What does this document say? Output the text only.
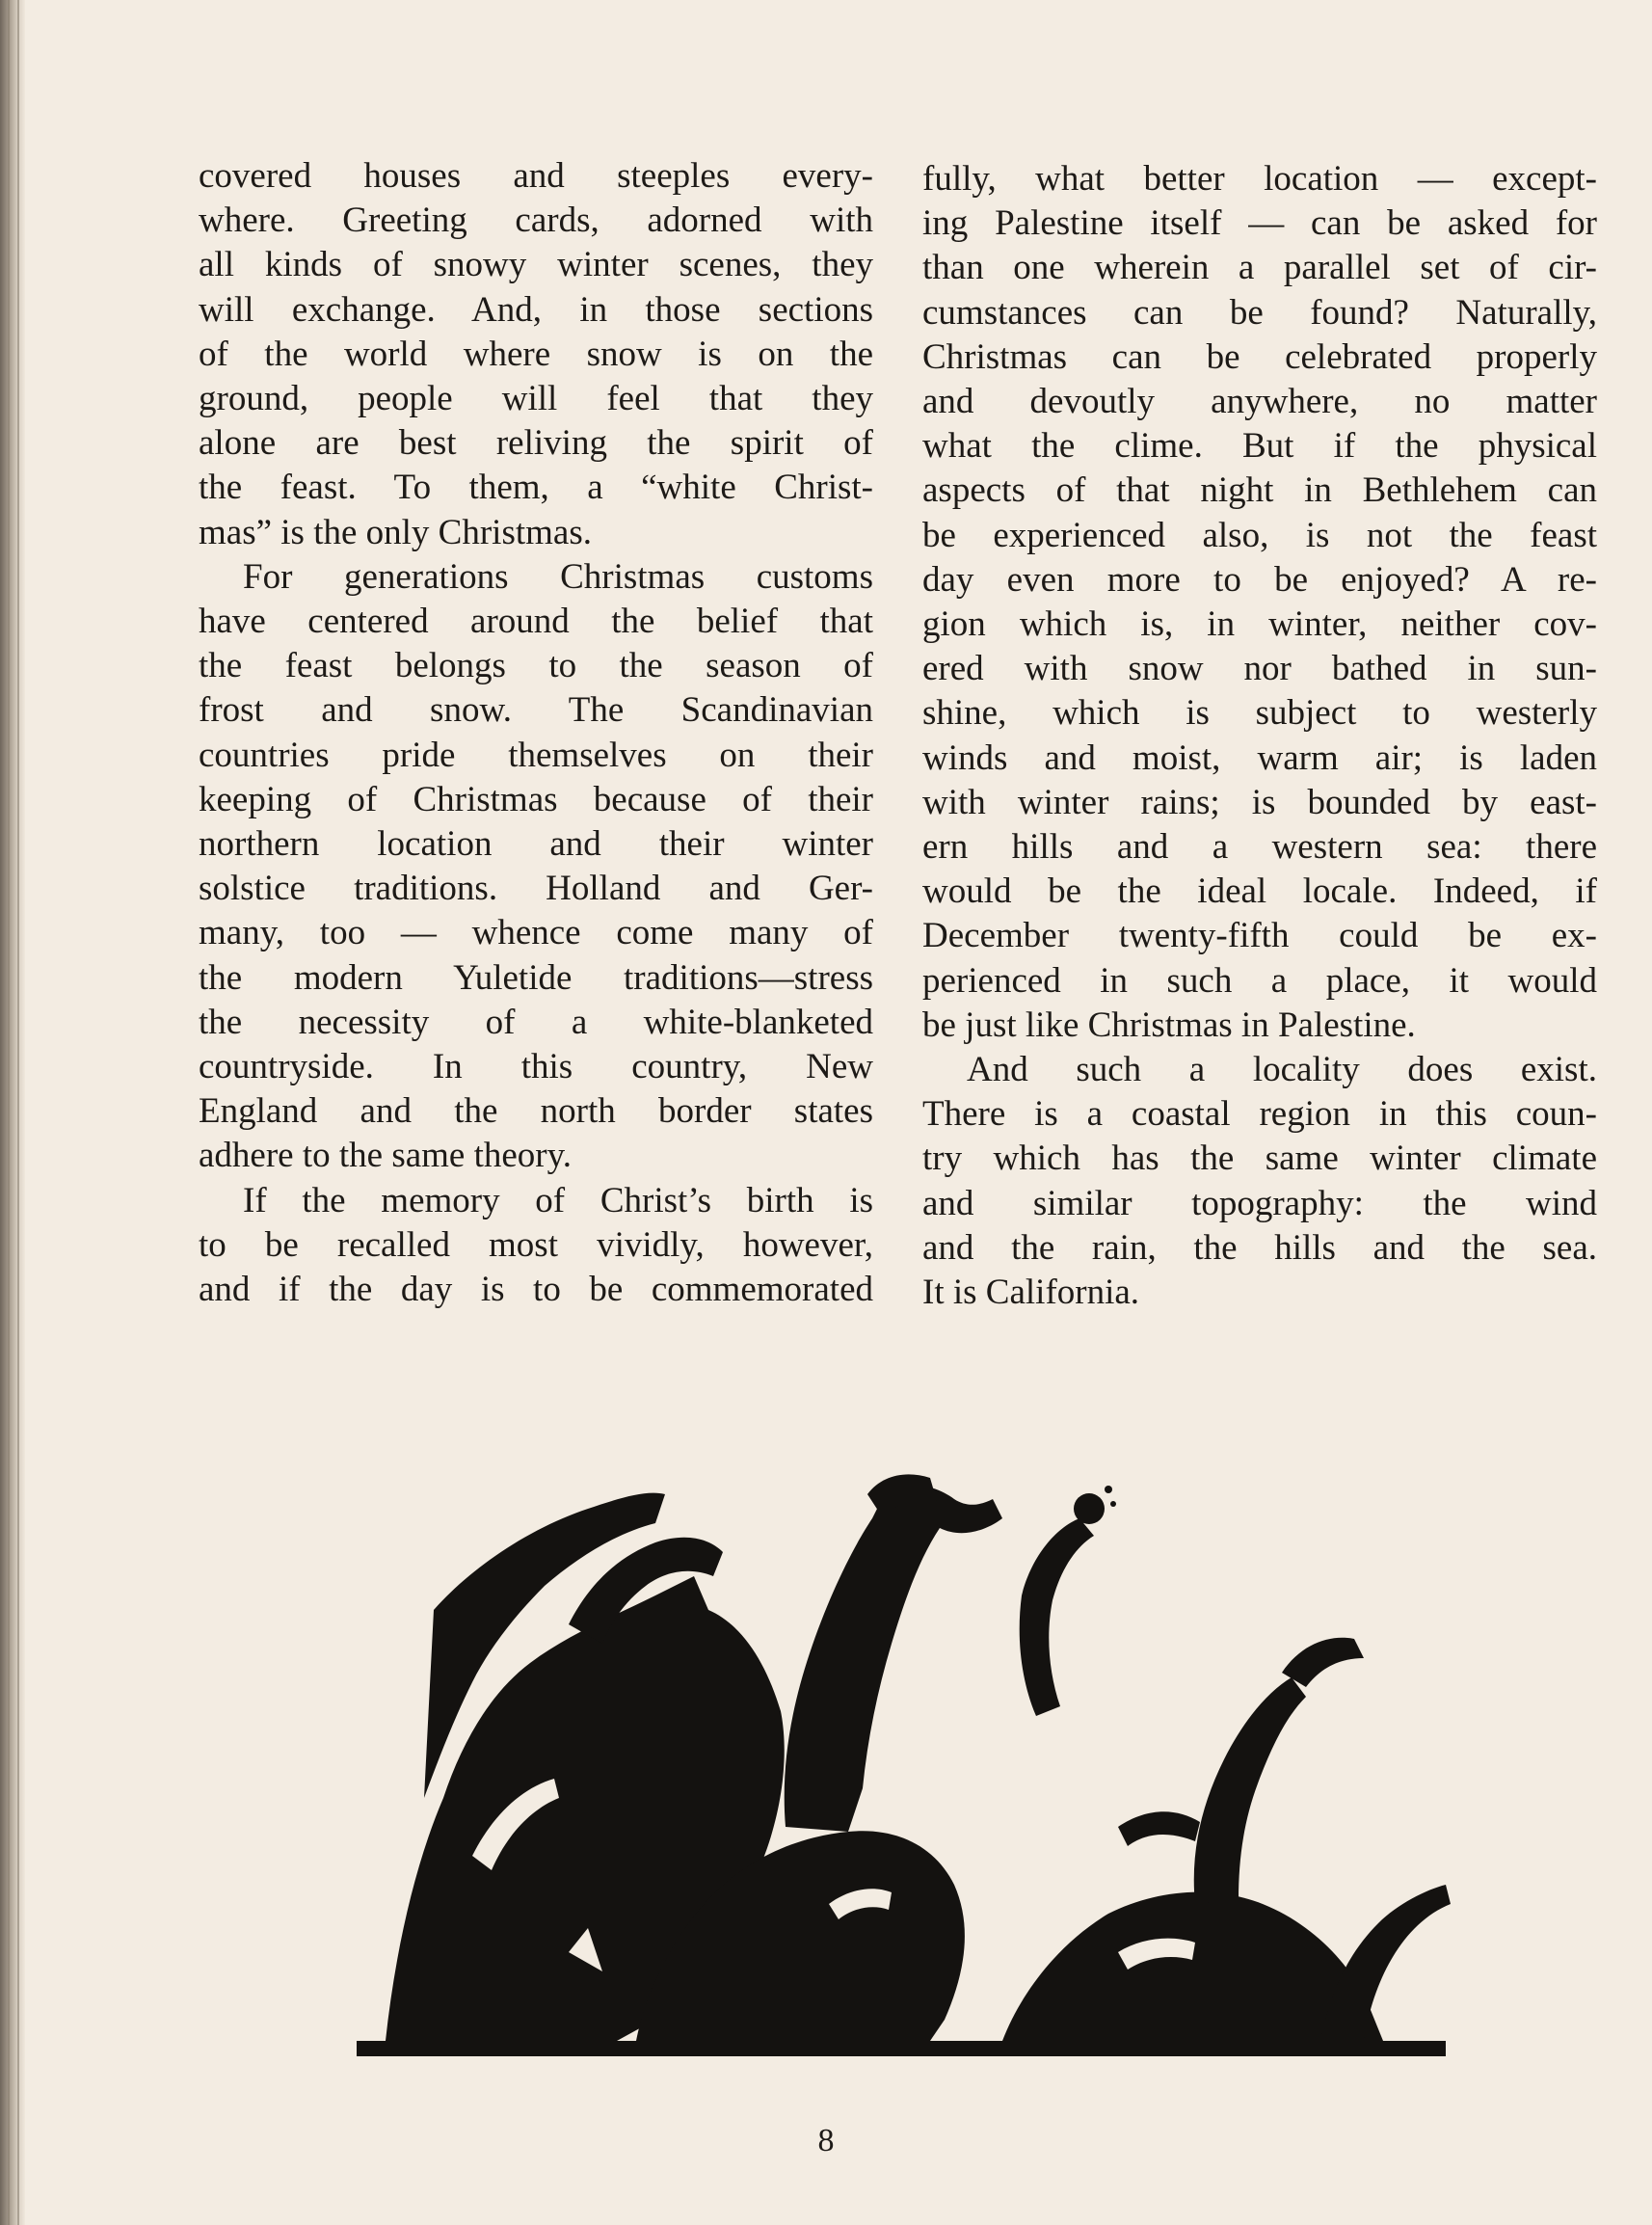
covered houses and steeples every-
where. Greeting cards, adorned with
all kinds of snowy winter scenes, they
will exchange. And, in those sections
of the world where snow is on the
ground, people will feel that they
alone are best reliving the spirit of
the feast. To them, a “white Christ-
mas” is the only Christmas.
For generations Christmas customs
have centered around the belief that
the feast belongs to the season of
frost and snow. The Scandinavian
countries pride themselves on their
keeping of Christmas because of their
northern location and their winter
solstice traditions. Holland and Ger-
many, too — whence come many of
the modern Yuletide traditions—stress
the necessity of a white-blanketed
countryside. In this country, New
England and the north border states
adhere to the same theory.
If the memory of Christ’s birth is
to be recalled most vividly, however,
and if the day is to be commemorated
fully, what better location — except-
ing Palestine itself — can be asked for
than one wherein a parallel set of cir-
cumstances can be found? Naturally,
Christmas can be celebrated properly
and devoutly anywhere, no matter
what the clime. But if the physical
aspects of that night in Bethlehem can
be experienced also, is not the feast
day even more to be enjoyed? A re-
gion which is, in winter, neither cov-
ered with snow nor bathed in sun-
shine, which is subject to westerly
winds and moist, warm air; is laden
with winter rains; is bounded by east-
ern hills and a western sea: there
would be the ideal locale. Indeed, if
December twenty-fifth could be ex-
perienced in such a place, it would
be just like Christmas in Palestine.
And such a locality does exist.
There is a coastal region in this coun-
try which has the same winter climate
and similar topography: the wind
and the rain, the hills and the sea.
It is California.
8
